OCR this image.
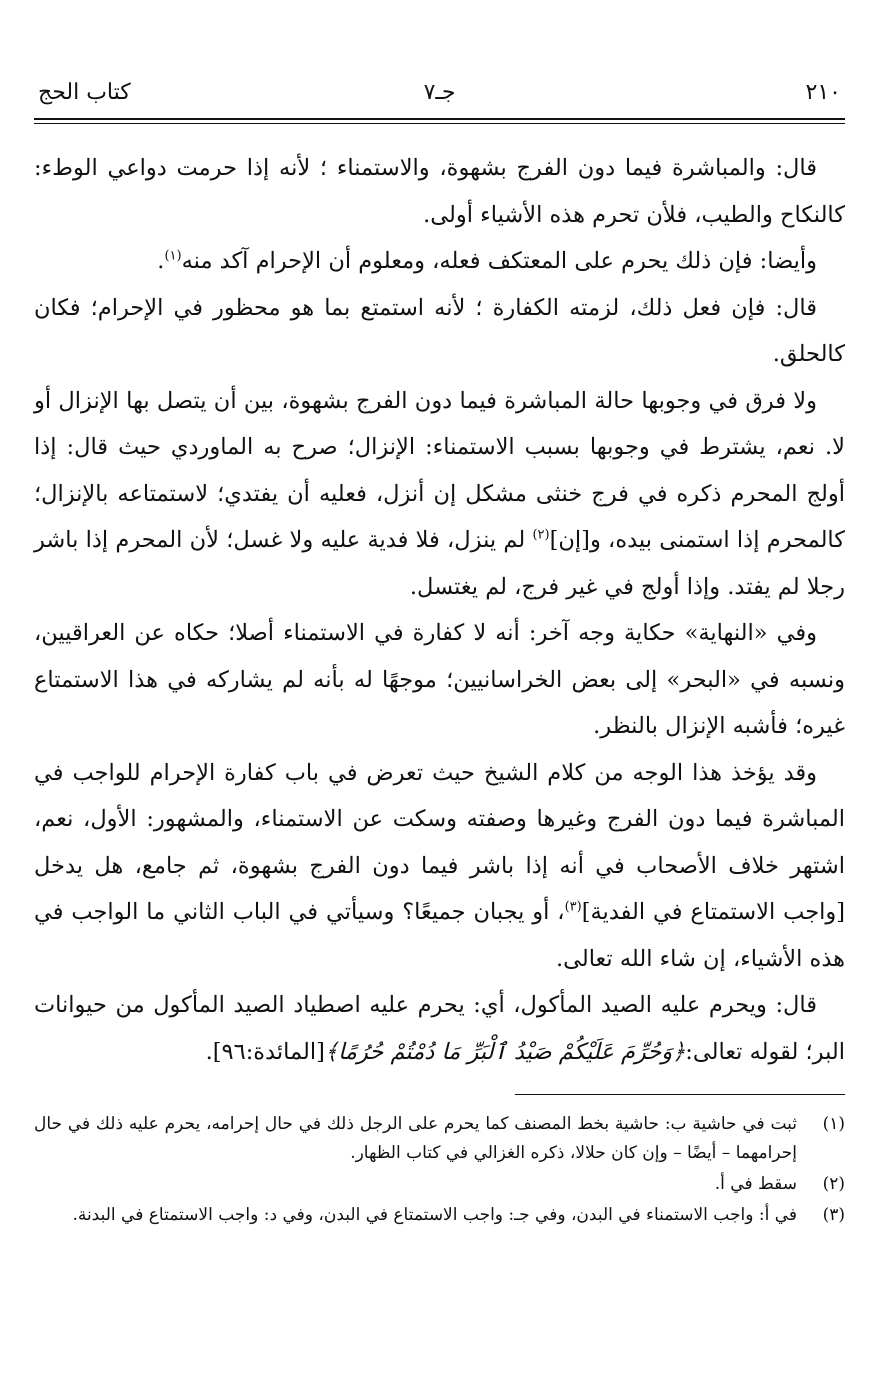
٢١٠
جـ٧
كتاب الحج

قال: والمباشرة فيما دون الفرج بشهوة، والاستمناء ؛ لأنه إذا حرمت دواعي الوطء: كالنكاح والطيب، فلأن تحرم هذه الأشياء أولى.

وأيضا: فإن ذلك يحرم على المعتكف فعله، ومعلوم أن الإحرام آكد منه$^{(١)}$.

قال: فإن فعل ذلك، لزمته الكفارة ؛ لأنه استمتع بما هو محظور في الإحرام؛ فكان كالحلق.

ولا فرق في وجوبها حالة المباشرة فيما دون الفرج بشهوة، بين أن يتصل بها الإنزال أو لا. نعم، يشترط في وجوبها بسبب الاستمناء: الإنزال؛ صرح به الماوردي حيث قال: إذا أولج المحرم ذكره في فرج خنثى مشكل إن أنزل، فعليه أن يفتدي؛ لاستمتاعه بالإنزال؛ كالمحرم إذا استمنى بيده، و[إن]$^{(٢)}$ لم ينزل، فلا فدية عليه ولا غسل؛ لأن المحرم إذا باشر رجلا لم يفتد. وإذا أولج في غير فرج، لم يغتسل.

وفي «النهاية» حكاية وجه آخر: أنه لا كفارة في الاستمناء أصلا؛ حكاه عن العراقيين، ونسبه في «البحر» إلى بعض الخراسانيين؛ موجهًا له بأنه لم يشاركه في هذا الاستمتاع غيره؛ فأشبه الإنزال بالنظر.

وقد يؤخذ هذا الوجه من كلام الشيخ حيث تعرض في باب كفارة الإحرام للواجب في المباشرة فيما دون الفرج وغيرها وصفته وسكت عن الاستمناء، والمشهور: الأول، نعم، اشتهر خلاف الأصحاب في أنه إذا باشر فيما دون الفرج بشهوة، ثم جامع، هل يدخل [واجب الاستمتاع في الفدية]$^{(٣)}$، أو يجبان جميعًا؟ وسيأتي في الباب الثاني ما الواجب في هذه الأشياء، إن شاء الله تعالى.

قال: ويحرم عليه الصيد المأكول، أي: يحرم عليه اصطياد الصيد المأكول من حيوانات البر؛ لقوله تعالى:﴿وَحُرِّمَ عَلَيْكُمْ صَيْدُ ٱلْبَرِّ مَا دُمْتُمْ حُرُمًا﴾[المائدة:٩٦].

(١)
ثبت في حاشية ب: حاشية بخط المصنف كما يحرم على الرجل ذلك في حال إحرامه، يحرم عليه ذلك في حال إحرامهما – أيضًا – وإن كان حلالا، ذكره الغزالي في كتاب الظهار.
(٢)
سقط في أ.
(٣)
في أ: واجب الاستمناء في البدن، وفي جـ: واجب الاستمتاع في البدن، وفي د: واجب الاستمتاع في البدنة.
